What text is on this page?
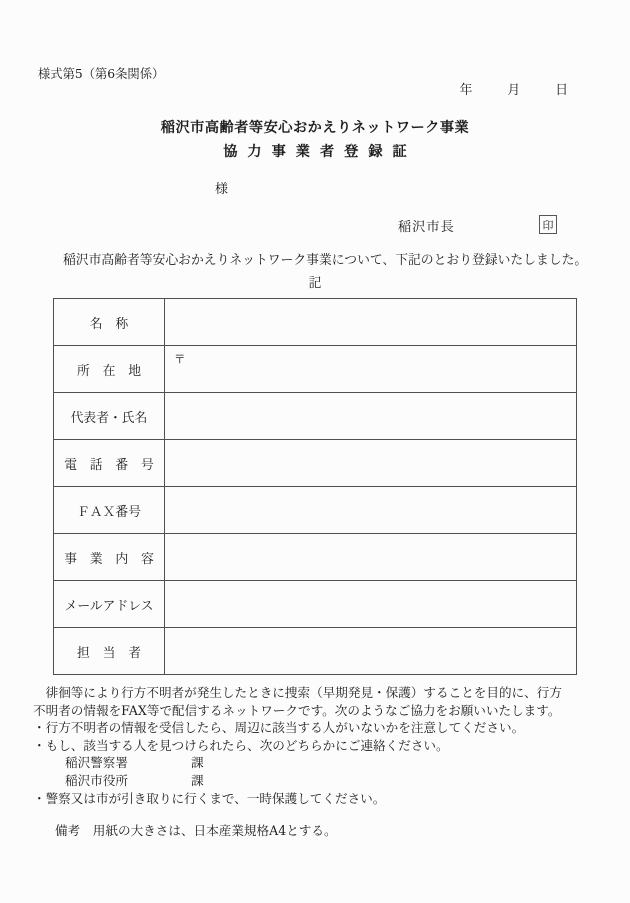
様式第5（第6条関係）
年	月	日
稲沢市高齢者等安心おかえりネットワーク事業
協力事業者登録証
様
稲沢市長	印
稲沢市高齢者等安心おかえりネットワーク事業について、下記のとおり登録いたしました。
記
名　称	
所　在　地	〒
代表者・氏名	
電　話　番　号	
ＦＡＸ番号	
事　業　内　容	
メールアドレス	
担　当　者	
　徘徊等により行方不明者が発生したときに捜索（早期発見・保護）することを目的に、行方
不明者の情報をFAX等で配信するネットワークです。次のようなご協力をお願いいたします。
・行方不明者の情報を受信したら、周辺に該当する人がいないかを注意してください。
・もし、該当する人を見つけられたら、次のどちらかにご連絡ください。
稲沢警察署　　　　　課
稲沢市役所　　　　　課
・警察又は市が引き取りに行くまで、一時保護してください。
備考　用紙の大きさは、日本産業規格A4とする。
